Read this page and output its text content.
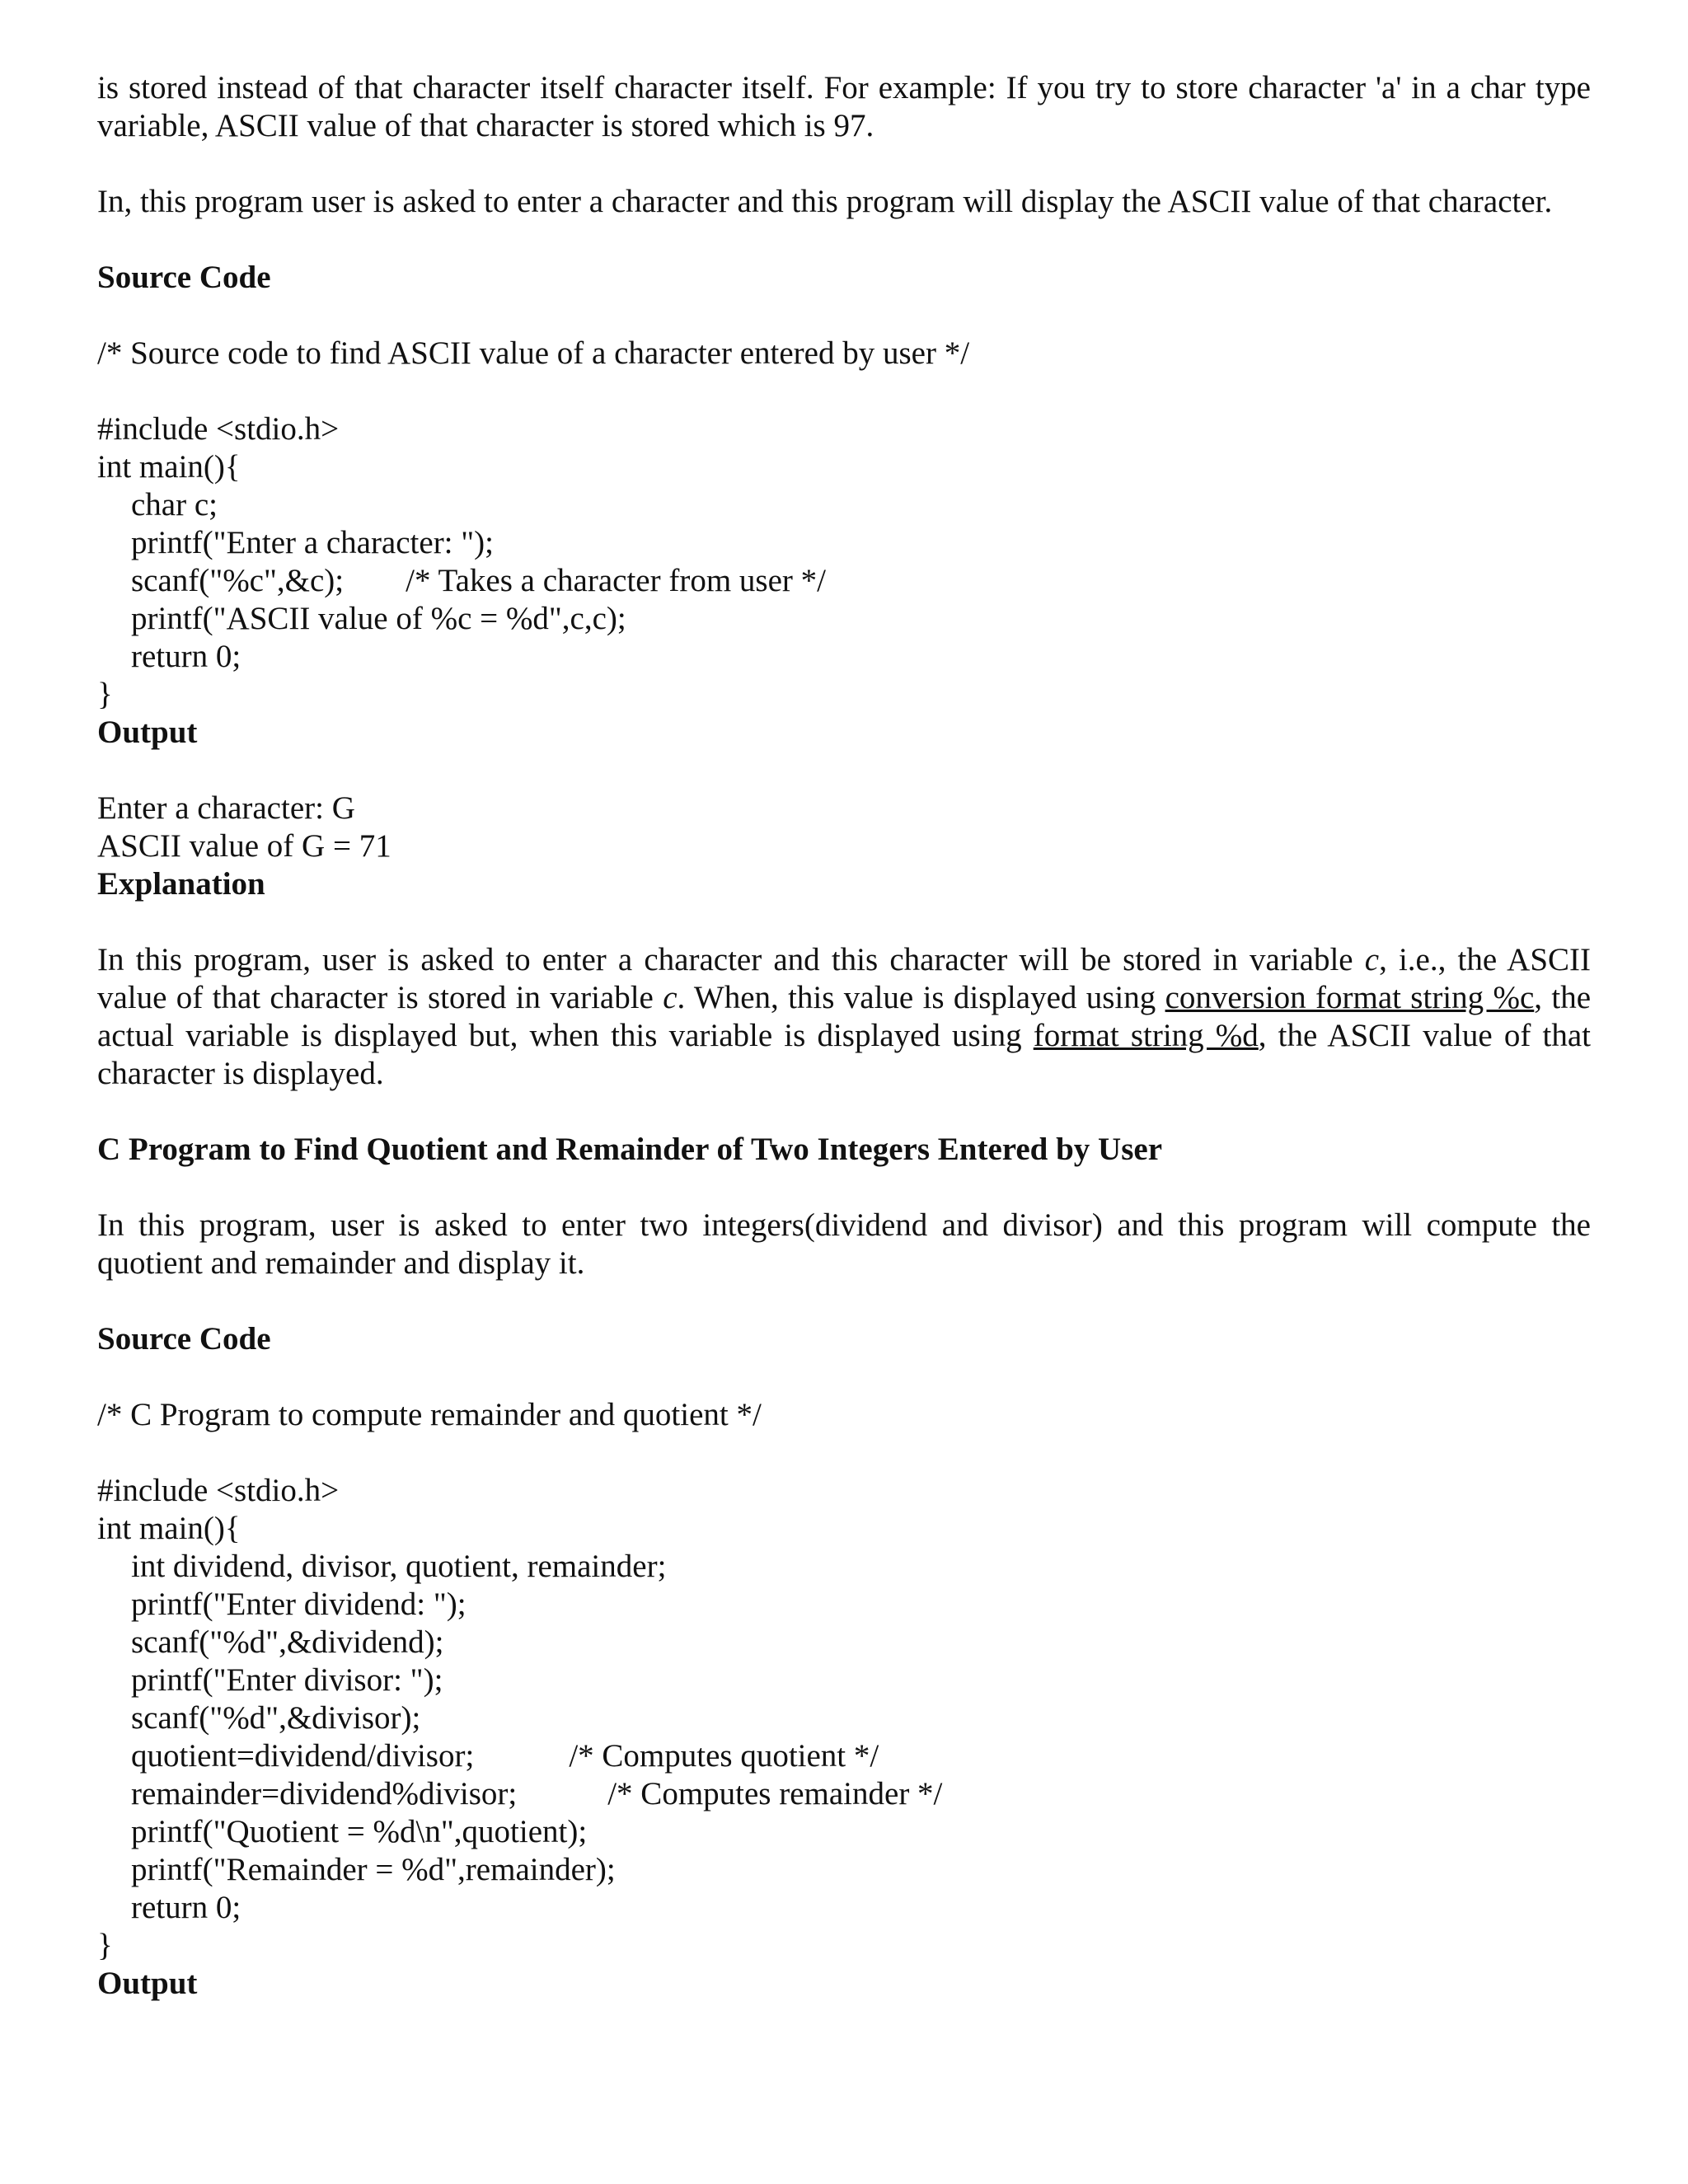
is stored instead of that character itself character itself. For example: If you try to store character 'a' in a char type variable, ASCII value of that character is stored which is 97.

In, this program user is asked to enter a character and this program will display the ASCII value of that character.

Source Code

/* Source code to find ASCII value of a character entered by user */

#include <stdio.h>

int main(){

char c;

printf("Enter a character: ");

scanf("%c",&c); /* Takes a character from user */

printf("ASCII value of %c = %d",c,c);

return 0;

}

Output

Enter a character: G

ASCII value of G = 71

Explanation

In this program, user is asked to enter a character and this character will be stored in variable c, i.e., the ASCII value of that character is stored in variable c. When, this value is displayed using conversion format string %c, the actual variable is displayed but, when this variable is displayed using format string %d, the ASCII value of that character is displayed.

C Program to Find Quotient and Remainder of Two Integers Entered by User

In this program, user is asked to enter two integers(dividend and divisor) and this program will compute the quotient and remainder and display it.

Source Code

/* C Program to compute remainder and quotient */

#include <stdio.h>

int main(){

int dividend, divisor, quotient, remainder;

printf("Enter dividend: ");

scanf("%d",&dividend);

printf("Enter divisor: ");

scanf("%d",&divisor);

quotient=dividend/divisor;	/* Computes quotient */

remainder=dividend%divisor;	/* Computes remainder */

printf("Quotient = %d\n",quotient);

printf("Remainder = %d",remainder);

return 0;

}

Output
